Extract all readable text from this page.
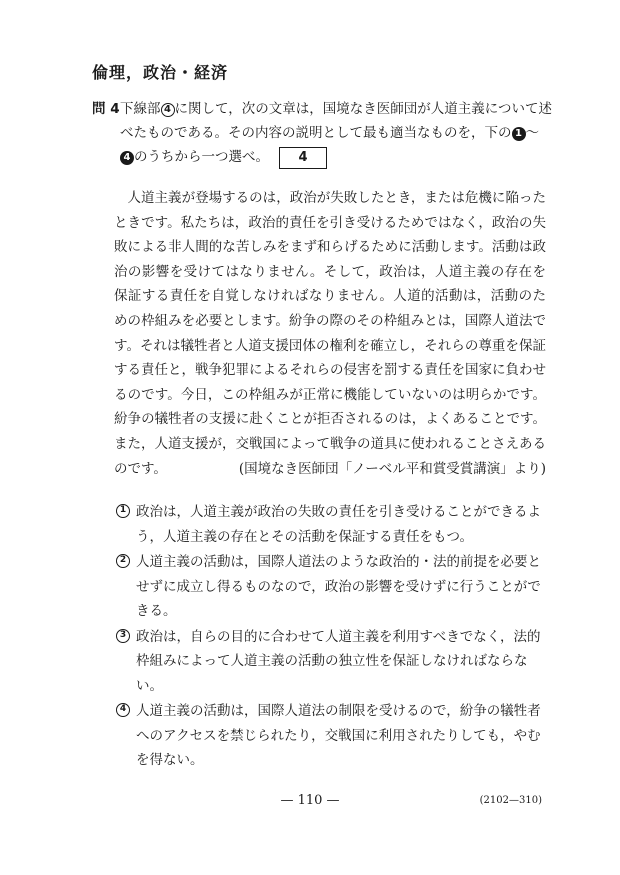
倫理，政治・経済
問 4 下線部 4 に関して，次の文章は，国境なき医師団が人道主義について述べたものである。その内容の説明として最も適当なものを，下の 1 ～4 のうちから一つ選べ。 4

人道主義が登場するのは，政治が失敗したとき，または危機に陥ったときです。私たちは，政治的責任を引き受けるためではなく，政治の失敗による非人間的な苦しみをまず和らげるために活動します。活動は政治の影響を受けてはなりません。そして，政治は，人道主義の存在を保証する責任を自覚しなければなりません。人道的活動は，活動のための枠組みを必要とします。紛争の際のその枠組みとは，国際人道法です。それは犠牲者と人道支援団体の権利を確立し，それらの尊重を保証する責任と，戦争犯罪によるそれらの侵害を罰する責任を国家に負わせるのです。今日，この枠組みが正常に機能していないのは明らかです。紛争の犠牲者の支援に赴くことが拒否されるのは，よくあることです。また，人道支援が，交戦国によって戦争の道具に使われることさえあるのです。	(国境なき医師団「ノーベル平和賞受賞講演」より)
1 政治は，人道主義が政治の失敗の責任を引き受けることができるよう，人道主義の存在とその活動を保証する責任をもつ。
2 人道主義の活動は，国際人道法のような政治的・法的前提を必要とせずに成立し得るものなので，政治の影響を受けずに行うことができる。
3 政治は，自らの目的に合わせて人道主義を利用すべきでなく，法的枠組みによって人道主義の活動の独立性を保証しなければならない。
4 人道主義の活動は，国際人道法の制限を受けるので，紛争の犠牲者へのアクセスを禁じられたり，交戦国に利用されたりしても，やむを得ない。
— 110 —	(2102—310)
